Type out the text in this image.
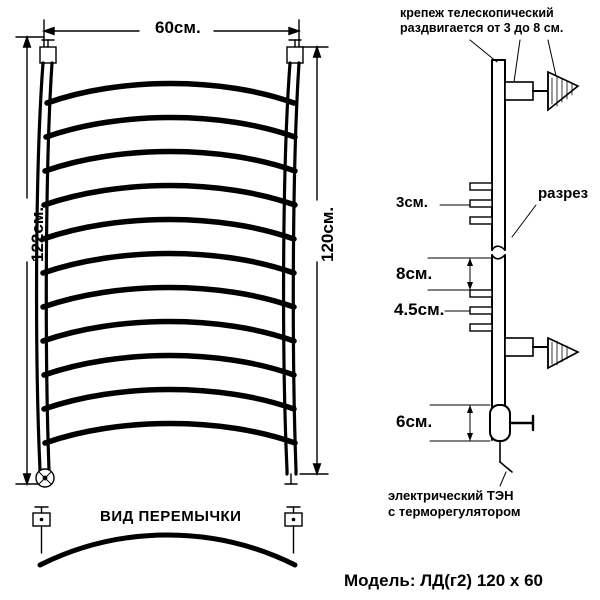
60см.
122см.	120см.
ВИД ПЕРЕМЫЧКИ
крепеж телескопический
раздвигается от 3 до 8 см.
3см.
разрез
8см.
4.5см.
6см.
электрический ТЭН
с терморегулятором
Модель: ЛД(г2) 120 х 60
